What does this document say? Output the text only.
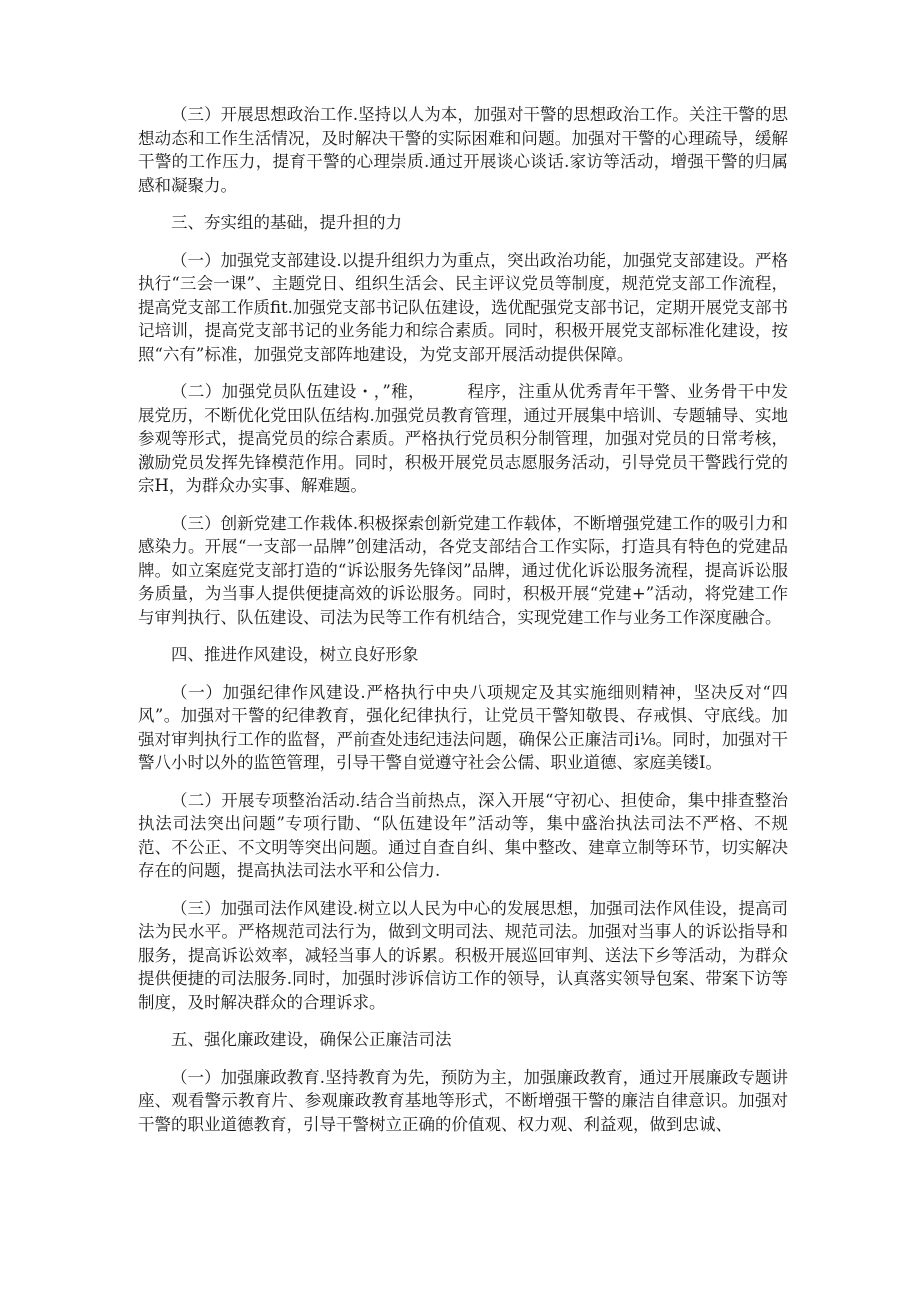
（三）开展思想政治工作.坚持以人为本，加强对干警的思想政治工作。关注干警的思想动态和工作生活情况，及时解决干警的实际困难和问题。加强对干警的心理疏导，缓解干警的工作压力，提育干警的心理崇质.通过开展谈心谈话.家访等活动，增强干警的归属感和凝聚力。

三、夯实组的基础，提升担的力

（一）加强党支部建设.以提升组织力为重点，突出政治功能，加强党支部建设。严格执行“三会一课”、主题党日、组织生活会、民主评议党员等制度，规范党支部工作流程，提高党支部工作质fit.加强党支部书记队伍建设，选优配强党支部书记，定期开展党支部书记培训，提高党支部书记的业务能力和综合素质。同时，积极开展党支部标准化建设，按照“六有”标准，加强党支部阵地建设，为党支部开展活动提供保障。

（二）加强党员队伍建设・，”稚，　　　程序，注重从优秀青年干警、业务骨干中发展党历，不断优化党田队伍结构.加强党员教育管理，通过开展集中培训、专题辅导、实地参观等形式，提高党员的综合素质。严格执行党员积分制管理，加强对党员的日常考核，激励党员发挥先锋模范作用。同时，积极开展党员志愿服务活动，引导党员干警践行党的宗H，为群众办实事、解难题。

（三）创新党建工作栽体.积极探索创新党建工作载体，不断增强党建工作的吸引力和感染力。开展“一支部一品牌”创建活动，各党支部结合工作实际，打造具有特色的党建品牌。如立案庭党支部打造的“诉讼服务先锋闵”品牌，通过优化诉讼服务流程，提高诉讼服务质量，为当事人提供便捷高效的诉讼服务。同时，积极开展“党建+”活动，将党建工作与审判执行、队伍建设、司法为民等工作有机结合，实现党建工作与业务工作深度融合。

四、推进作风建设，树立良好形象

（一）加强纪律作风建设.严格执行中央八项规定及其实施细则精神，坚决反对“四风”。加强对干警的纪律教育，强化纪律执行，让党员干警知敬畏、存戒惧、守底线。加强对审判执行工作的监督，严前查处违纪违法问题，确保公正廉洁司i⅛。同时，加强对干警八小时以外的监笆管理，引导干警自觉遵守社会公儒、职业道德、家庭美镂I。

（二）开展专项整治活动.结合当前热点，深入开展“守初心、担使命，集中排查整治执法司法突出问题”专项行勖、“队伍建设年”活动等，集中盛治执法司法不严格、不规范、不公正、不文明等突出问题。通过自查自纠、集中整改、建章立制等环节，切实解决存在的问题，提高执法司法水平和公信力.

（三）加强司法作风建设.树立以人民为中心的发展思想，加强司法作风佳设，提高司法为民水平。严格规范司法行为，做到文明司法、规范司法。加强对当事人的诉讼指导和服务，提高诉讼效率，减轻当事人的诉累。积极开展巡回审判、送法下乡等活动，为群众提供便捷的司法服务.同时，加强时涉诉信访工作的领导，认真落实领导包案、带案下访等制度，及时解决群众的合理诉求。

五、强化廉政建设，确保公正廉洁司法

（一）加强廉政教育.坚持教育为先，预防为主，加强廉政教育，通过开展廉政专题讲座、观看警示教育片、参观廉政教育基地等形式，不断增强干警的廉洁自律意识。加强对干警的职业道德教育，引导干警树立正确的价值观、权力观、利益观，做到忠诚、
